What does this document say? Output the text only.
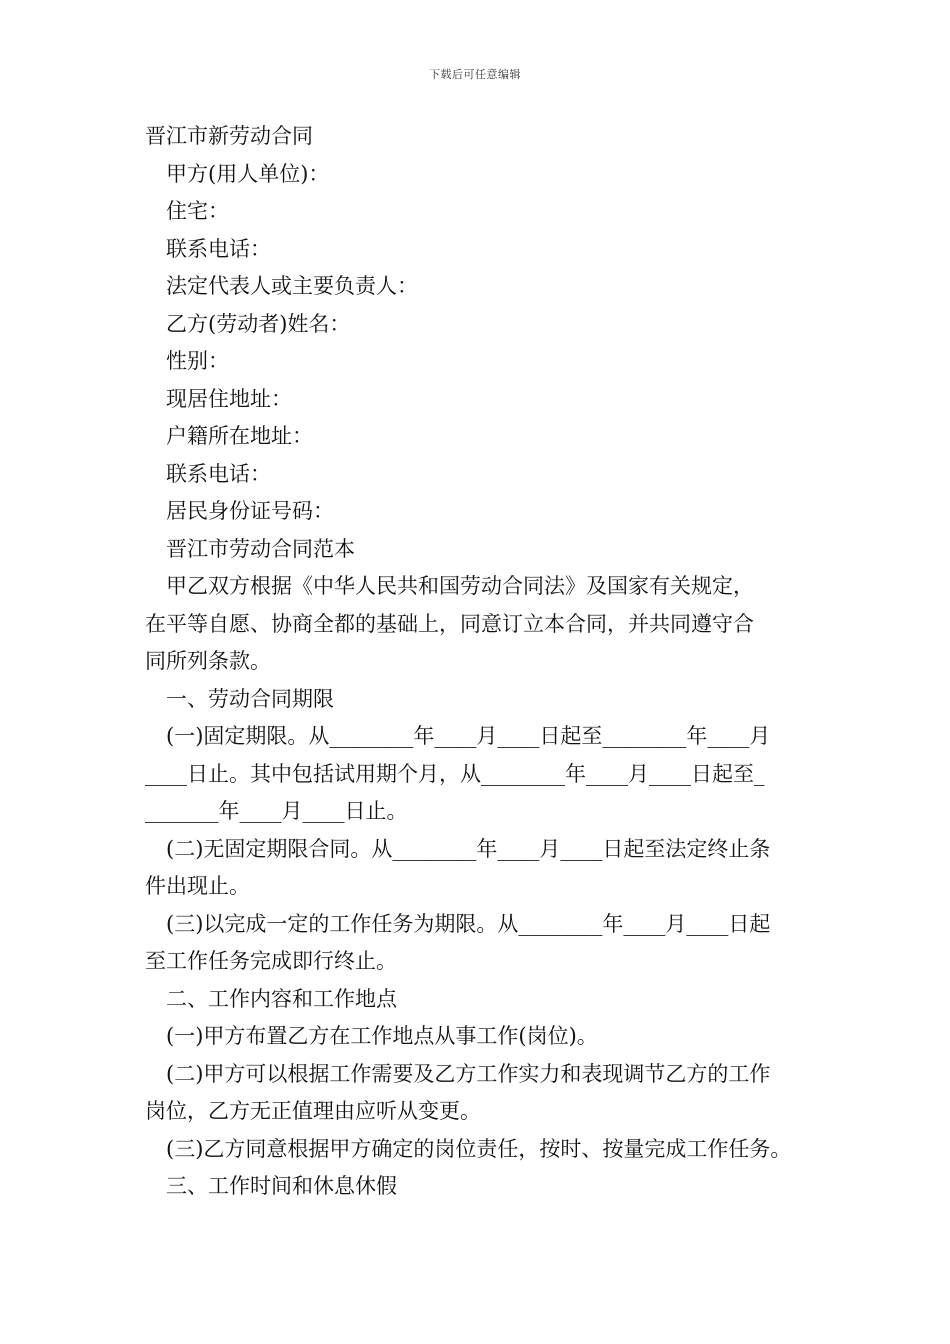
下载后可任意编辑
晋江市新劳动合同
甲方(用人单位)：
住宅：
联系电话：
法定代表人或主要负责人：
乙方(劳动者)姓名：
性别：
现居住地址：
户籍所在地址：
联系电话：
居民身份证号码：
晋江市劳动合同范本
甲乙双方根据《中华人民共和国劳动合同法》及国家有关规定，
在平等自愿、协商全都的基础上，同意订立本合同，并共同遵守合
同所列条款。
一、劳动合同期限
(一)固定期限。从________年____月____日起至________年____月
____日止。其中包括试用期个月，从________年____月____日起至_
_______年____月____日止。
(二)无固定期限合同。从________年____月____日起至法定终止条
件出现止。
(三)以完成一定的工作任务为期限。从________年____月____日起
至工作任务完成即行终止。
二、工作内容和工作地点
(一)甲方布置乙方在工作地点从事工作(岗位)。
(二)甲方可以根据工作需要及乙方工作实力和表现调节乙方的工作
岗位，乙方无正值理由应听从变更。
(三)乙方同意根据甲方确定的岗位责任，按时、按量完成工作任务。
三、工作时间和休息休假
